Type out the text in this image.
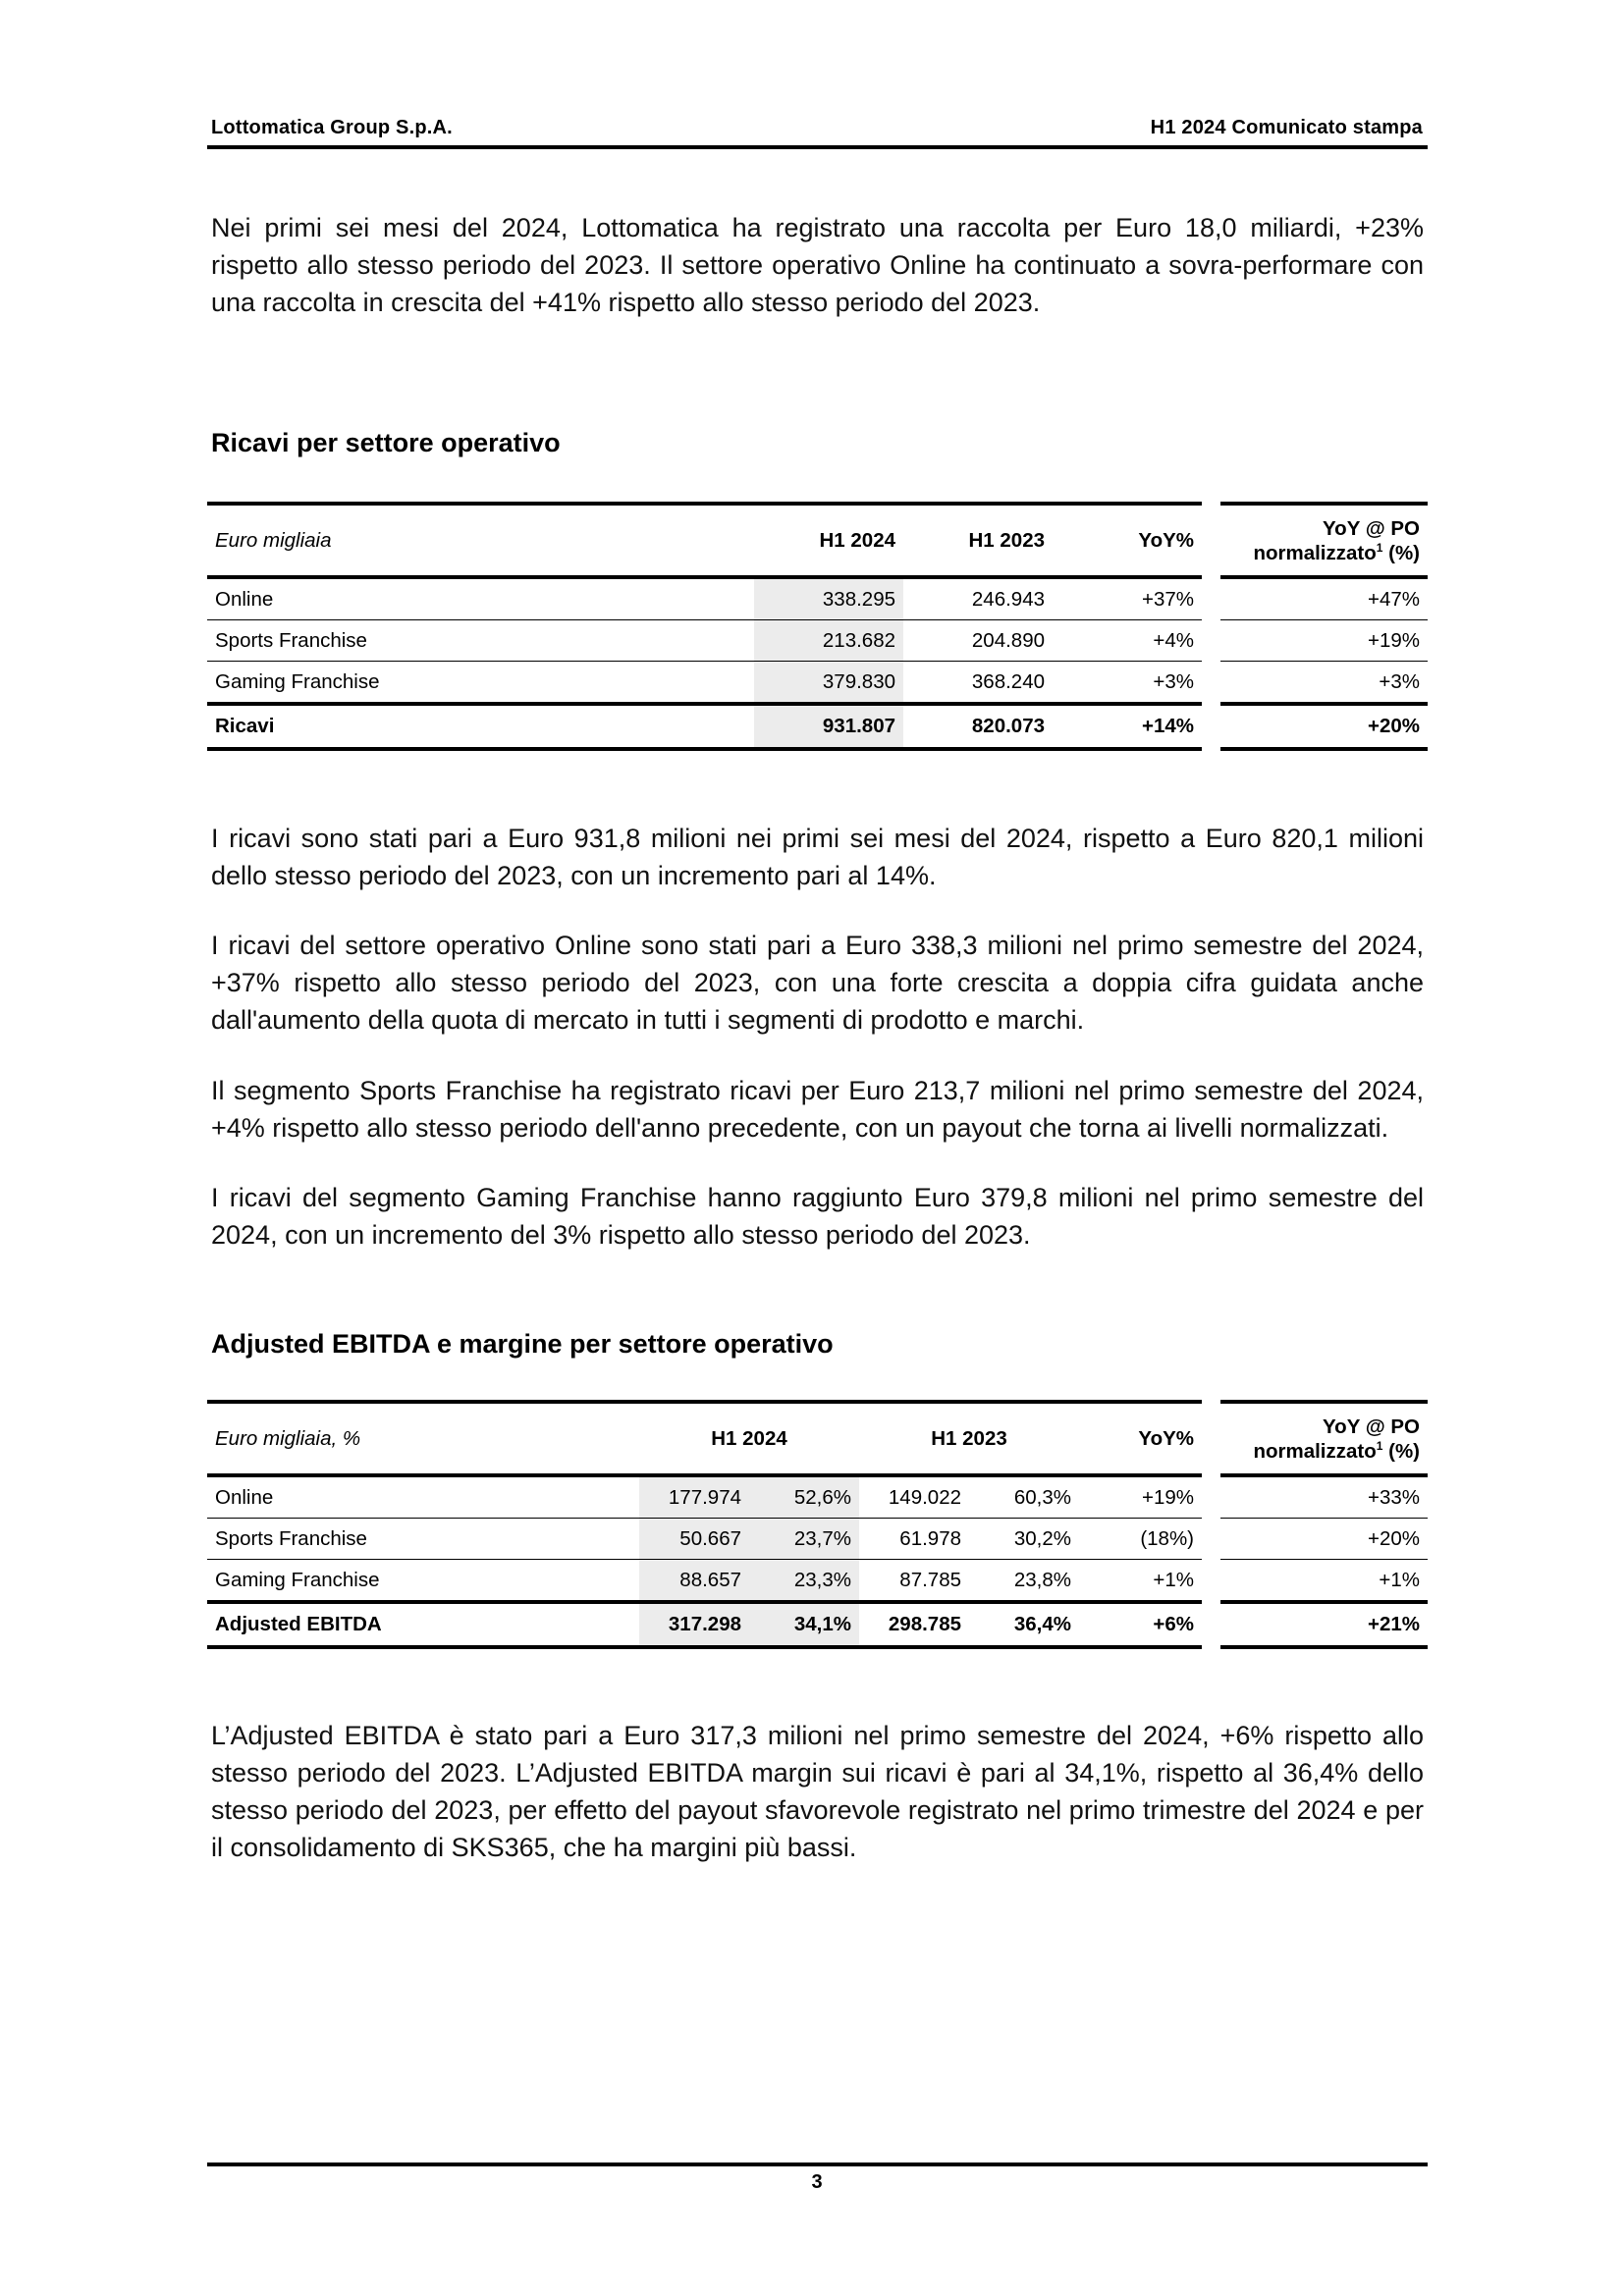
Lottomatica Group S.p.A.	H1 2024 Comunicato stampa

Nei primi sei mesi del 2024, Lottomatica ha registrato una raccolta per Euro 18,0 miliardi, +23% rispetto allo stesso periodo del 2023. Il settore operativo Online ha continuato a sovra-performare con una raccolta in crescita del +41% rispetto allo stesso periodo del 2023.

Ricavi per settore operativo
Euro migliaia	H1 2024	H1 2023	YoY%		YoY @ PO
normalizzato$^1$ (%)
Online	338.295	246.943	+37%		+47%
Sports Franchise	213.682	204.890	+4%		+19%
Gaming Franchise	379.830	368.240	+3%		+3%
Ricavi	931.807	820.073	+14%		+20%

I ricavi sono stati pari a Euro 931,8 milioni nei primi sei mesi del 2024, rispetto a Euro 820,1 milioni dello stesso periodo del 2023, con un incremento pari al 14%.

I ricavi del settore operativo Online sono stati pari a Euro 338,3 milioni nel primo semestre del 2024, +37% rispetto allo stesso periodo del 2023, con una forte crescita a doppia cifra guidata anche dall'aumento della quota di mercato in tutti i segmenti di prodotto e marchi.

Il segmento Sports Franchise ha registrato ricavi per Euro 213,7 milioni nel primo semestre del 2024, +4% rispetto allo stesso periodo dell'anno precedente, con un payout che torna ai livelli normalizzati.

I ricavi del segmento Gaming Franchise hanno raggiunto Euro 379,8 milioni nel primo semestre del 2024, con un incremento del 3% rispetto allo stesso periodo del 2023.

Adjusted EBITDA e margine per settore operativo
Euro migliaia, %	H1 2024		H1 2023		YoY%		YoY @ PO
normalizzato$^1$ (%)
Online	177.974	52,6%	149.022	60,3%	+19%		+33%
Sports Franchise	50.667	23,7%	61.978	30,2%	(18%)		+20%
Gaming Franchise	88.657	23,3%	87.785	23,8%	+1%		+1%
Adjusted EBITDA	317.298	34,1%	298.785	36,4%	+6%		+21%

L’Adjusted EBITDA è stato pari a Euro 317,3 milioni nel primo semestre del 2024, +6% rispetto allo stesso periodo del 2023. L’Adjusted EBITDA margin sui ricavi è pari al 34,1%, rispetto al 36,4% dello stesso periodo del 2023, per effetto del payout sfavorevole registrato nel primo trimestre del 2024 e per il consolidamento di SKS365, che ha margini più bassi.

3
